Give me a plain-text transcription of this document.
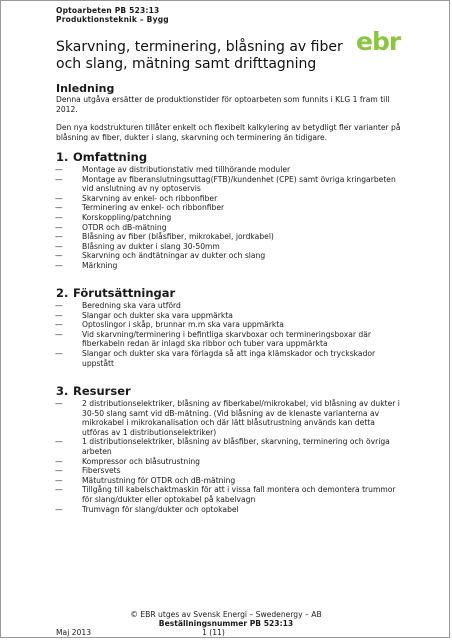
Optoarbeten PB 523:13
Produktionsteknik – Bygg
Skarvning, terminering, blåsning av fiber och slang, mätning samt drifttagning
ebr

Inledning

Denna utgåva ersätter de produktionstider för optoarbeten som funnits i KLG 1 fram till 2012.

Den nya kodstrukturen tillåter enkelt och flexibelt kalkylering av betydligt fler varianter på blåsning av fiber, dukter i slang, skarvning och terminering än tidigare.

1. Omfattning

— Montage av distributionstativ med tillhörande moduler
— Montage av fiberanslutningsuttag(FTB)/kundenhet (CPE) samt övriga kringarbeten vid anslutning av ny optoservis
— Skarvning av enkel- och ribbonfiber
— Terminering av enkel- och ribbonfiber
— Korskoppling/patchning
— OTDR och dB-mätning
— Blåsning av fiber (blåsfiber, mikrokabel, jordkabel)
— Blåsning av dukter i slang 30-50mm
— Skarvning och ändtätningar av dukter och slang
— Märkning

2. Förutsättningar

— Beredning ska vara utförd
— Slangar och dukter ska vara uppmärkta
— Optoslingor i skåp, brunnar m.m ska vara uppmärkta
— Vid skarvning/terminering i befintliga skarvboxar och termineringsboxar där fiberkabeln redan är inlagd ska ribbor och tuber vara uppmärkta
— Slangar och dukter ska vara förlagda så att inga klämskador och tryckskador uppstått

3. Resurser

— 2 distributionselektriker, blåsning av fiberkabel/mikrokabel, vid blåsning av dukter i 30-50 slang samt vid dB-mätning. (Vid blåsning av de klenaste varianterna av mikrokabel i mikrokanalisation och där lätt blåsutrustning används kan detta utföras av 1 distributionselektriker)
— 1 distributionselektriker, blåsning av blåsfiber, skarvning, terminering och övriga arbeten
— Kompressor och blåsutrustning
— Fibersvets
— Mätutrustning för OTDR och dB-mätning
— Tillgång till kabelschaktmaskin för att i vissa fall montera och demontera trummor för slang/dukter eller optokabel på kabelvagn
— Trumvagn för slang/dukter och optokabel
© EBR utges av Svensk Energi – Swedenergy – AB
Beställningsnummer PB 523:13
Maj 2013	1 (11)
